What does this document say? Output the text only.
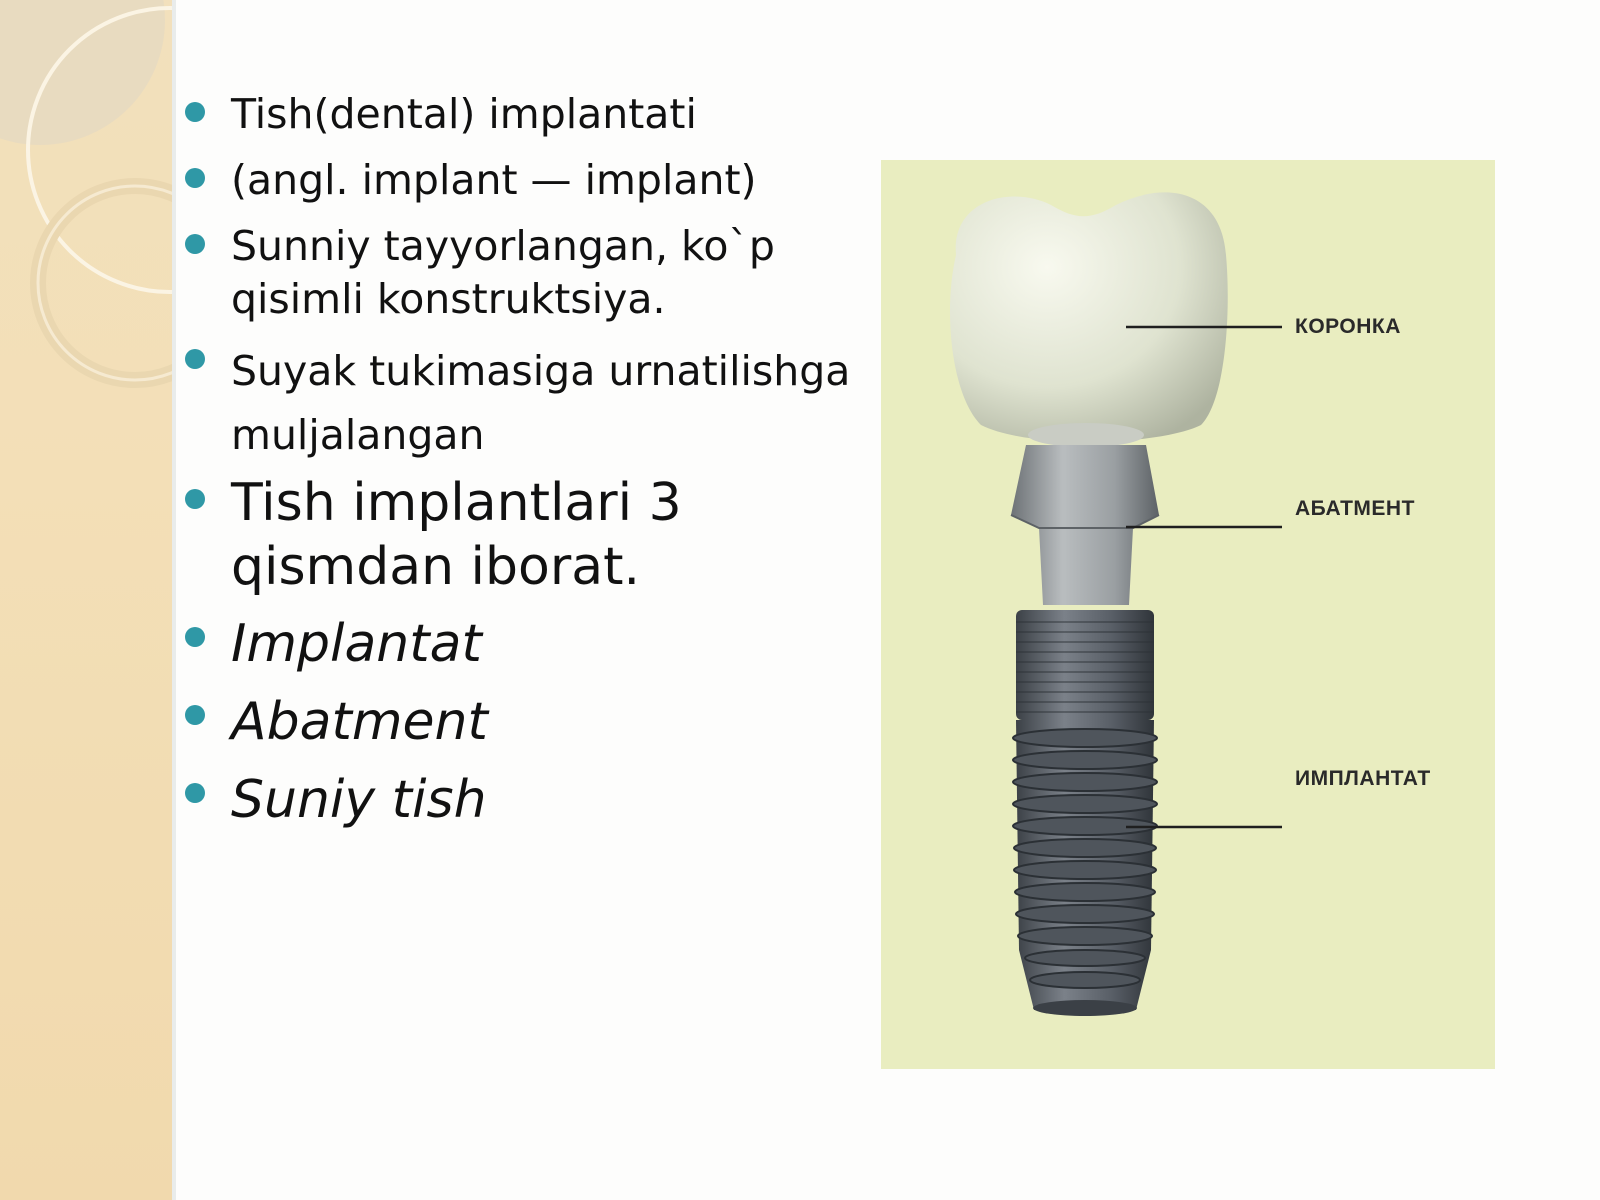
Tish(dental) implantati
(angl. implant — implant)
Sunniy tayyorlangan, ko`p qisimli konstruktsiya.
Suyak tukimasiga urnatilishga muljalangan
Tish implantlari 3 qismdan iborat.
Implantat
Abatment
Suniy tish
КОРОНКА
АБАТМЕНТ
ИМПЛАНТАТ
